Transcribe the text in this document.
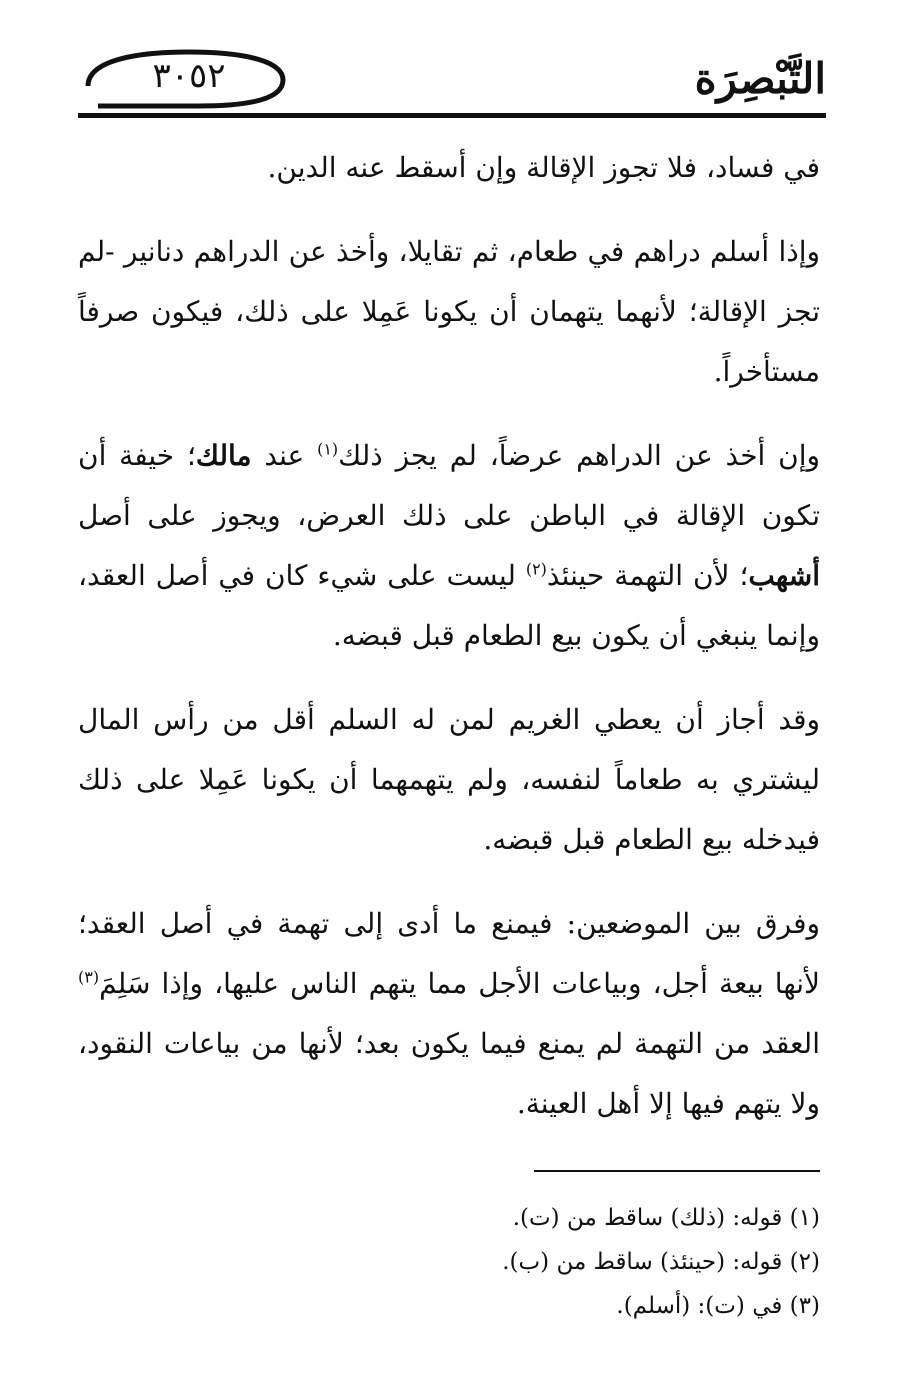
٣٠٥٢	التَّبْصِرَة

في فساد، فلا تجوز الإقالة وإن أسقط عنه الدين.

وإذا أسلم دراهم في طعام، ثم تقايلا، وأخذ عن الدراهم دنانير -لم تجز الإقالة؛ لأنهما يتهمان أن يكونا عَمِلا على ذلك، فيكون صرفاً مستأخراً.

وإن أخذ عن الدراهم عرضاً، لم يجز ذلك$^{(١)}$ عند مالك؛ خيفة أن تكون الإقالة في الباطن على ذلك العرض، ويجوز على أصل أشهب؛ لأن التهمة حينئذ$^{(٢)}$ ليست على شيء كان في أصل العقد، وإنما ينبغي أن يكون بيع الطعام قبل قبضه.

وقد أجاز أن يعطي الغريم لمن له السلم أقل من رأس المال ليشتري به طعاماً لنفسه، ولم يتهمهما أن يكونا عَمِلا على ذلك فيدخله بيع الطعام قبل قبضه.

وفرق بين الموضعين: فيمنع ما أدى إلى تهمة في أصل العقد؛ لأنها بيعة أجل، وبياعات الأجل مما يتهم الناس عليها، وإذا سَلِمَ$^{(٣)}$ العقد من التهمة لم يمنع فيما يكون بعد؛ لأنها من بياعات النقود، ولا يتهم فيها إلا أهل العينة.

(١) قوله: (ذلك) ساقط من (ت).
(٢) قوله: (حينئذ) ساقط من (ب).
(٣) في (ت): (أسلم).
